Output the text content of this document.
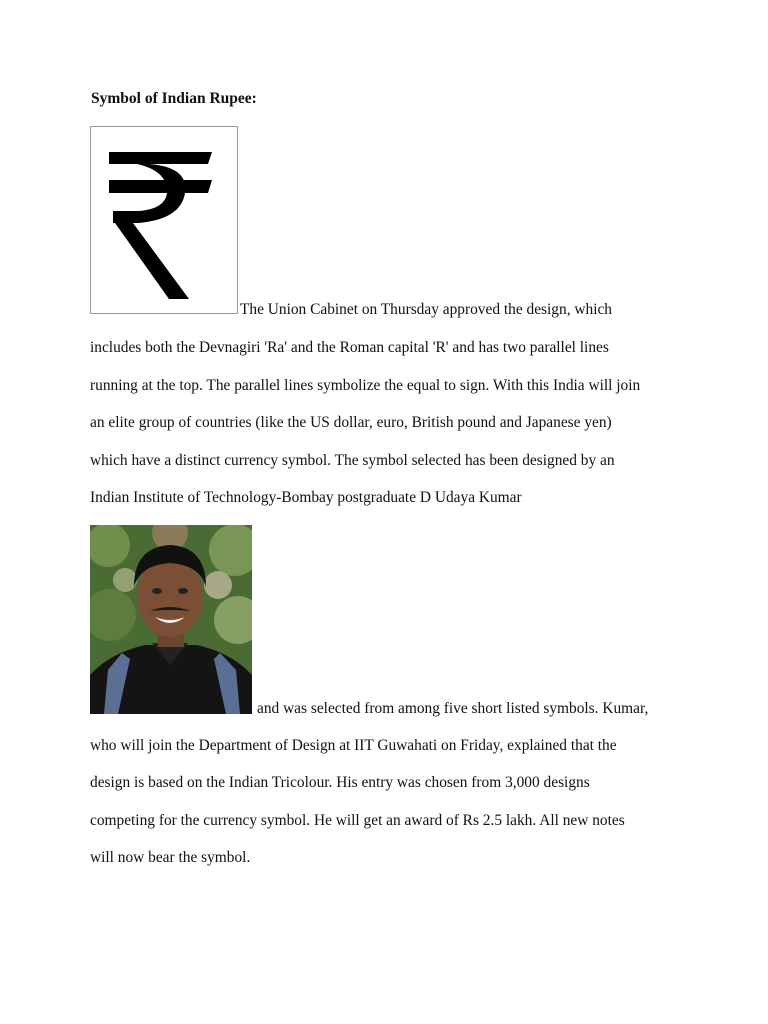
Symbol of Indian Rupee:
The Union Cabinet on Thursday approved the design, which
includes both the Devnagiri 'Ra' and the Roman capital 'R' and has two parallel lines
running at the top. The parallel lines symbolize the equal to sign. With this India will join
an elite group of countries (like the US dollar, euro, British pound and Japanese yen)
which have a distinct currency symbol. The symbol selected has been designed by an
Indian Institute of Technology-Bombay postgraduate D Udaya Kumar
and was selected from among five short listed symbols. Kumar,
who will join the Department of Design at IIT Guwahati on Friday, explained that the
design is based on the Indian Tricolour. His entry was chosen from 3,000 designs
competing for the currency symbol. He will get an award of Rs 2.5 lakh. All new notes
will now bear the symbol.
